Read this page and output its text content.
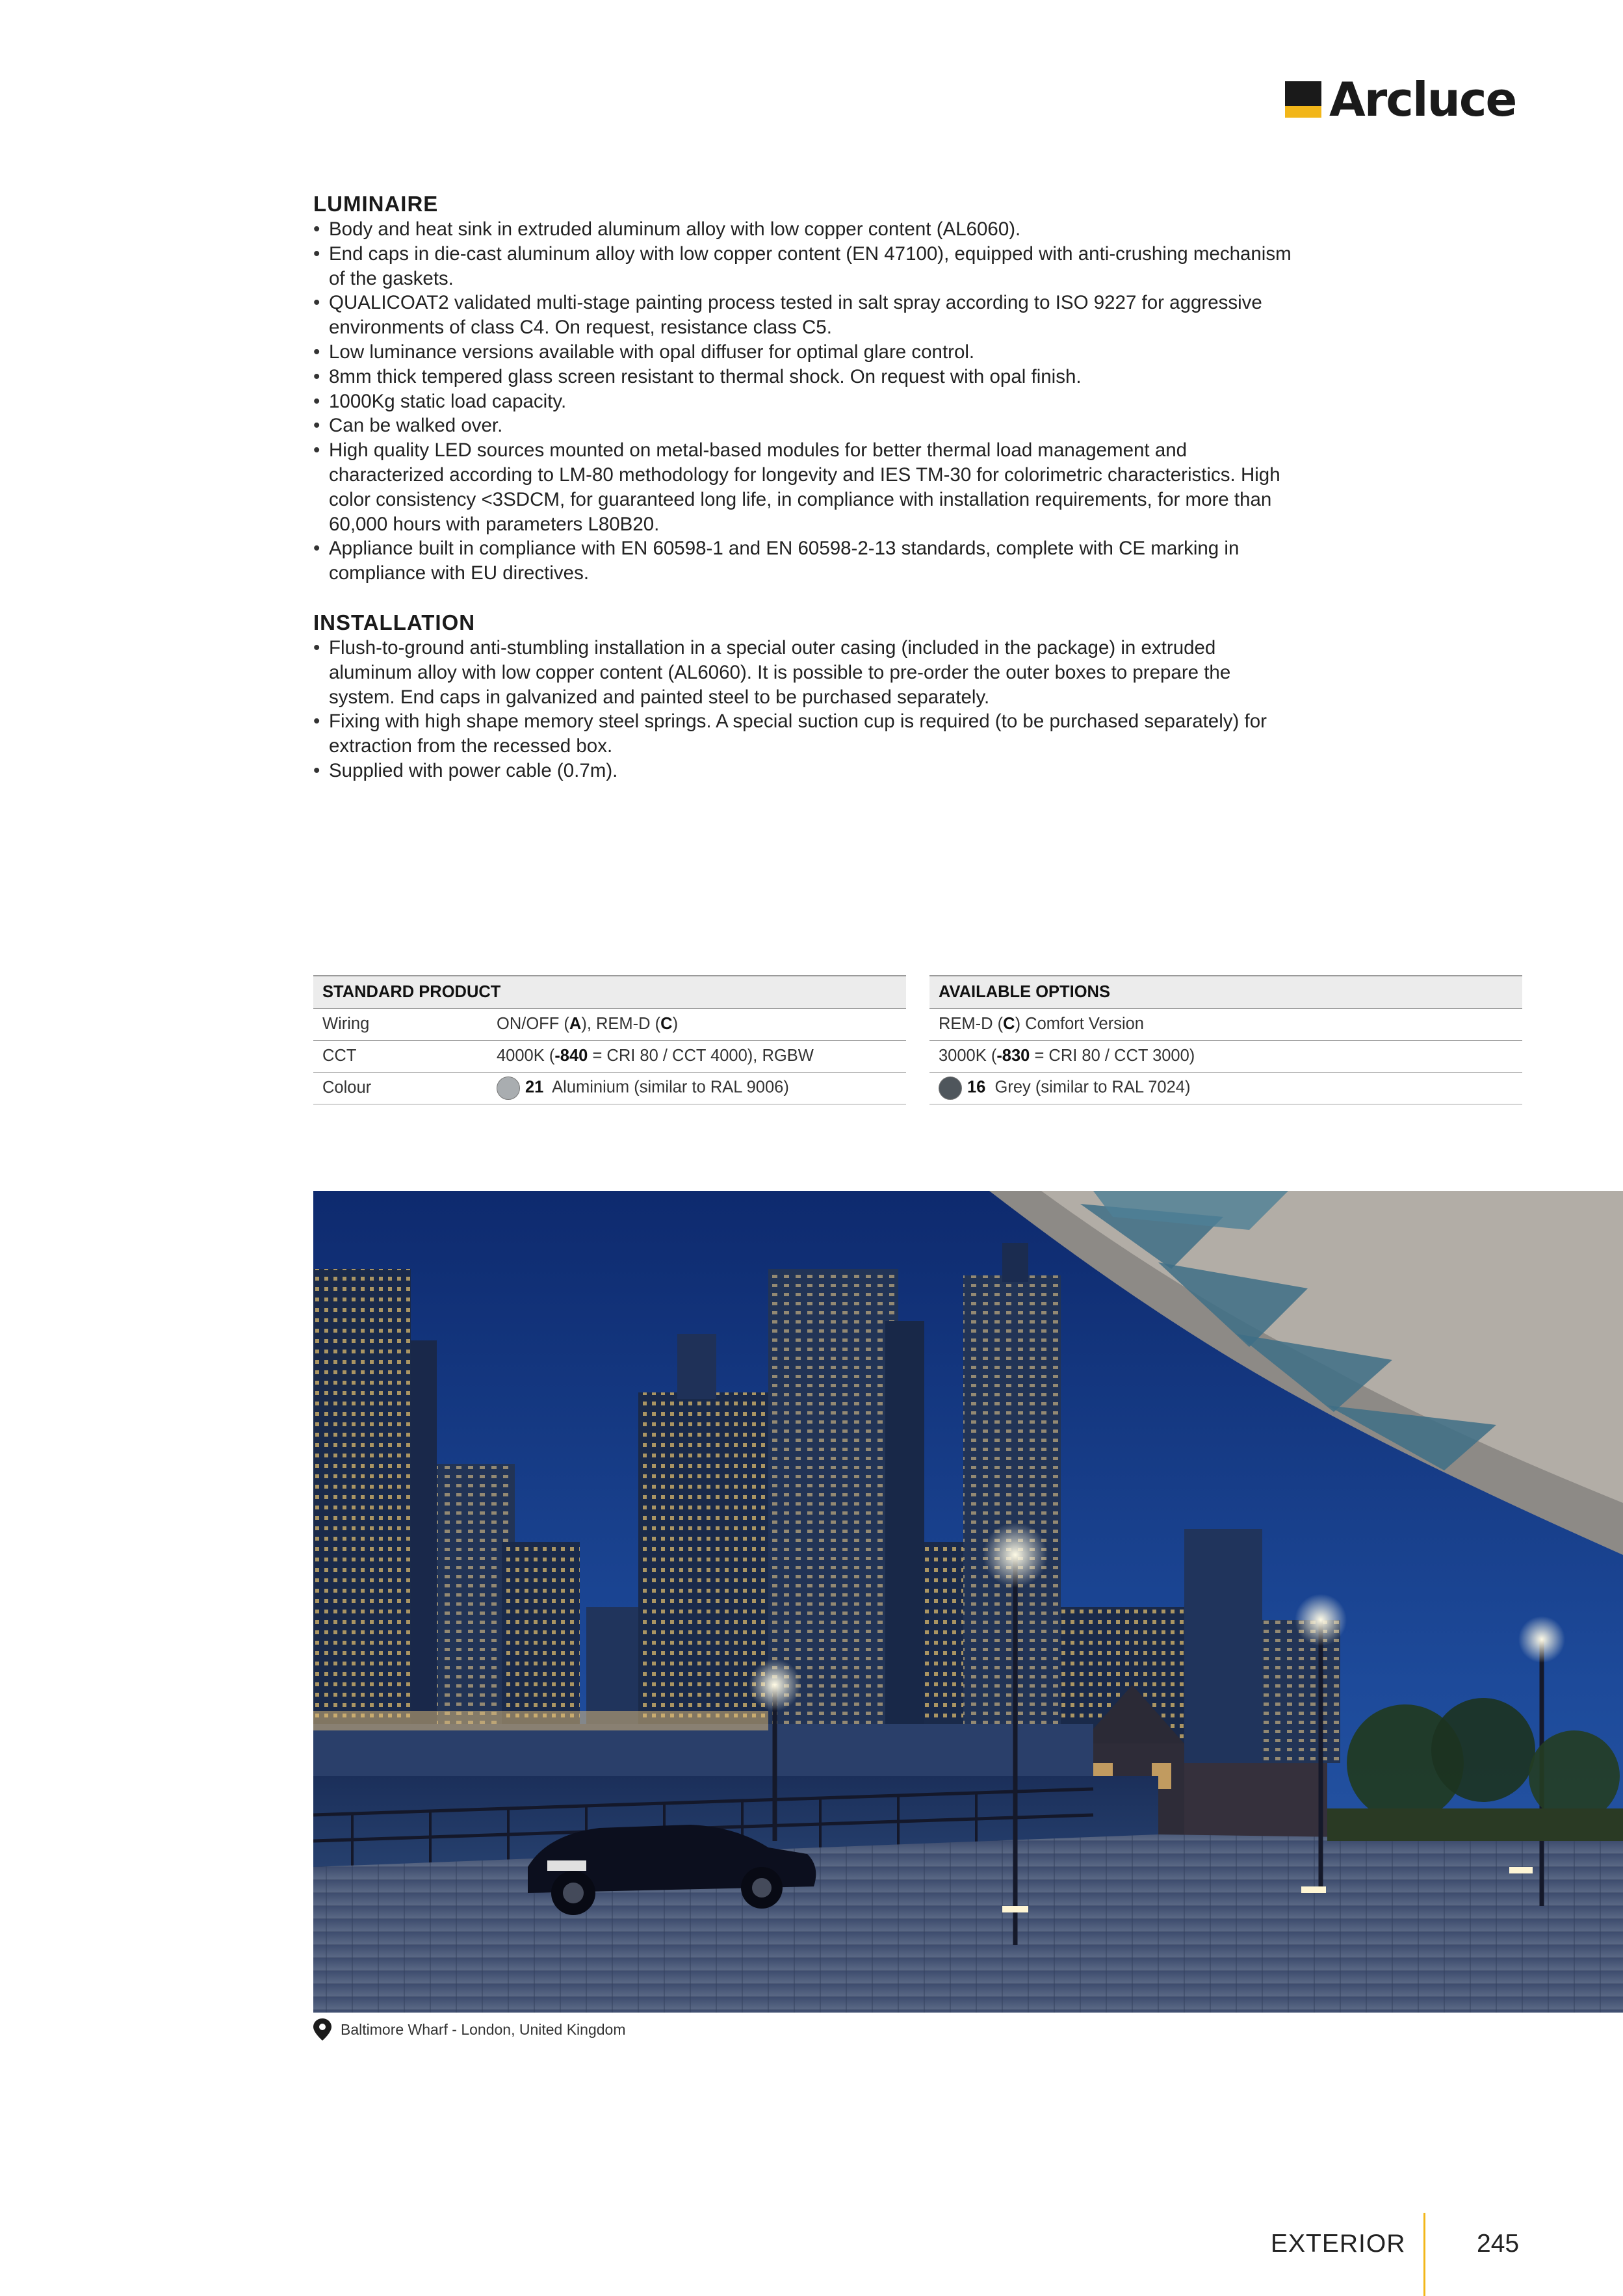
Arcluce
LUMINAIRE
• Body and heat sink in extruded aluminum alloy with low copper content (AL6060).
• End caps in die-cast aluminum alloy with low copper content (EN 47100), equipped with anti-crushing mechanism of the gaskets.
• QUALICOAT2 validated multi-stage painting process tested in salt spray according to ISO 9227 for aggressive environments of class C4. On request, resistance class C5.
• Low luminance versions available with opal diffuser for optimal glare control.
• 8mm thick tempered glass screen resistant to thermal shock. On request with opal finish.
• 1000Kg static load capacity.
• Can be walked over.
• High quality LED sources mounted on metal-based modules for better thermal load management and characterized according to LM-80 methodology for longevity and IES TM-30 for colorimetric characteristics. High color consistency <3SDCM, for guaranteed long life, in compliance with installation requirements, for more than 60,000 hours with parameters L80B20.
• Appliance built in compliance with EN 60598-1 and EN 60598-2-13 standards, complete with CE marking in compliance with EU directives.
INSTALLATION
• Flush-to-ground anti-stumbling installation in a special outer casing (included in the package) in extruded aluminum alloy with low copper content (AL6060). It is possible to pre-order the outer boxes to prepare the system. End caps in galvanized and painted steel to be purchased separately.
• Fixing with high shape memory steel springs. A special suction cup is required (to be purchased separately) for extraction from the recessed box.
• Supplied with power cable (0.7m).
STANDARD PRODUCT	
Wiring	ON/OFF (A), REM-D (C)
CCT	4000K (-840 = CRI 80 / CCT 4000), RGBW
Colour	21 Aluminium (similar to RAL 9006)
AVAILABLE OPTIONS
REM-D (C) Comfort Version
3000K (-830 = CRI 80 / CCT 3000)
16 Grey (similar to RAL 7024)
Baltimore Wharf - London, United Kingdom
EXTERIOR	245
